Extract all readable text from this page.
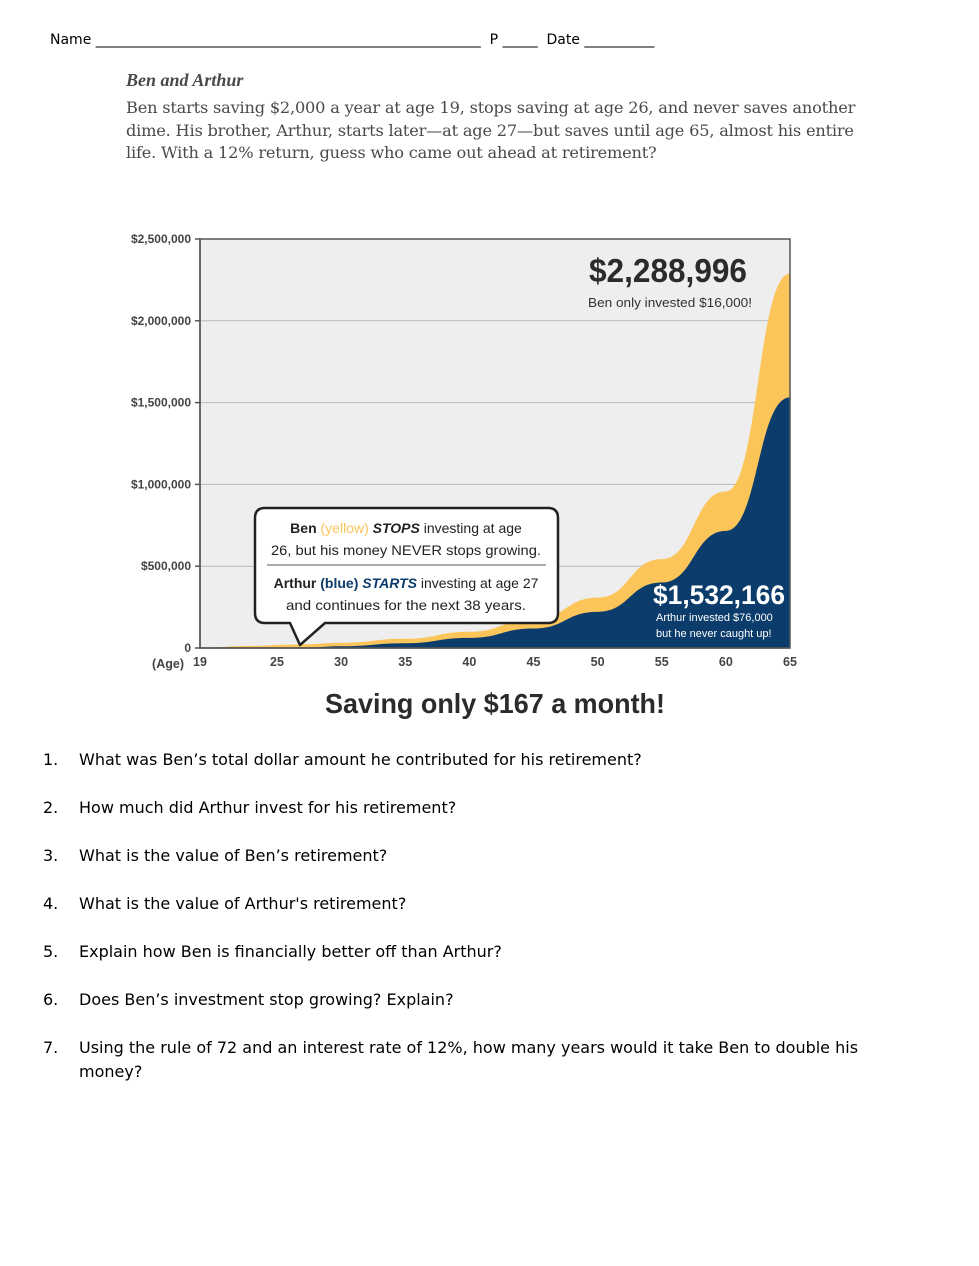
Name _______________________________________________________ P _____ Date __________

Ben and Arthur

Ben starts saving $2,000 a year at age 19, stops saving at age 26, and never saves another dime. His brother, Arthur, starts later—at age 27—but saves until age 65, almost his entire life. With a 12% return, guess who came out ahead at retirement?

$2,500,000
$2,000,000
$1,500,000
$1,000,000
$500,000
0
19	25	30	35	40	45	50	55	60	65
(Age)
$2,288,996
Ben only invested $16,000!
$1,532,166
Arthur invested $76,000
but he never caught up!
Ben (yellow) STOPS investing at age
26, but his money NEVER stops growing.
Arthur (blue) STARTS investing at age 27
and continues for the next 38 years.
Saving only $167 a month!
1.	What was Ben’s total dollar amount he contributed for his retirement?
2.	How much did Arthur invest for his retirement?
3.	What is the value of Ben’s retirement?
4.	What is the value of Arthur's retirement?
5.	Explain how Ben is financially better off than Arthur?
6.	Does Ben’s investment stop growing? Explain?
7.	Using the rule of 72 and an interest rate of 12%, how many years would it take Ben to double his money?
